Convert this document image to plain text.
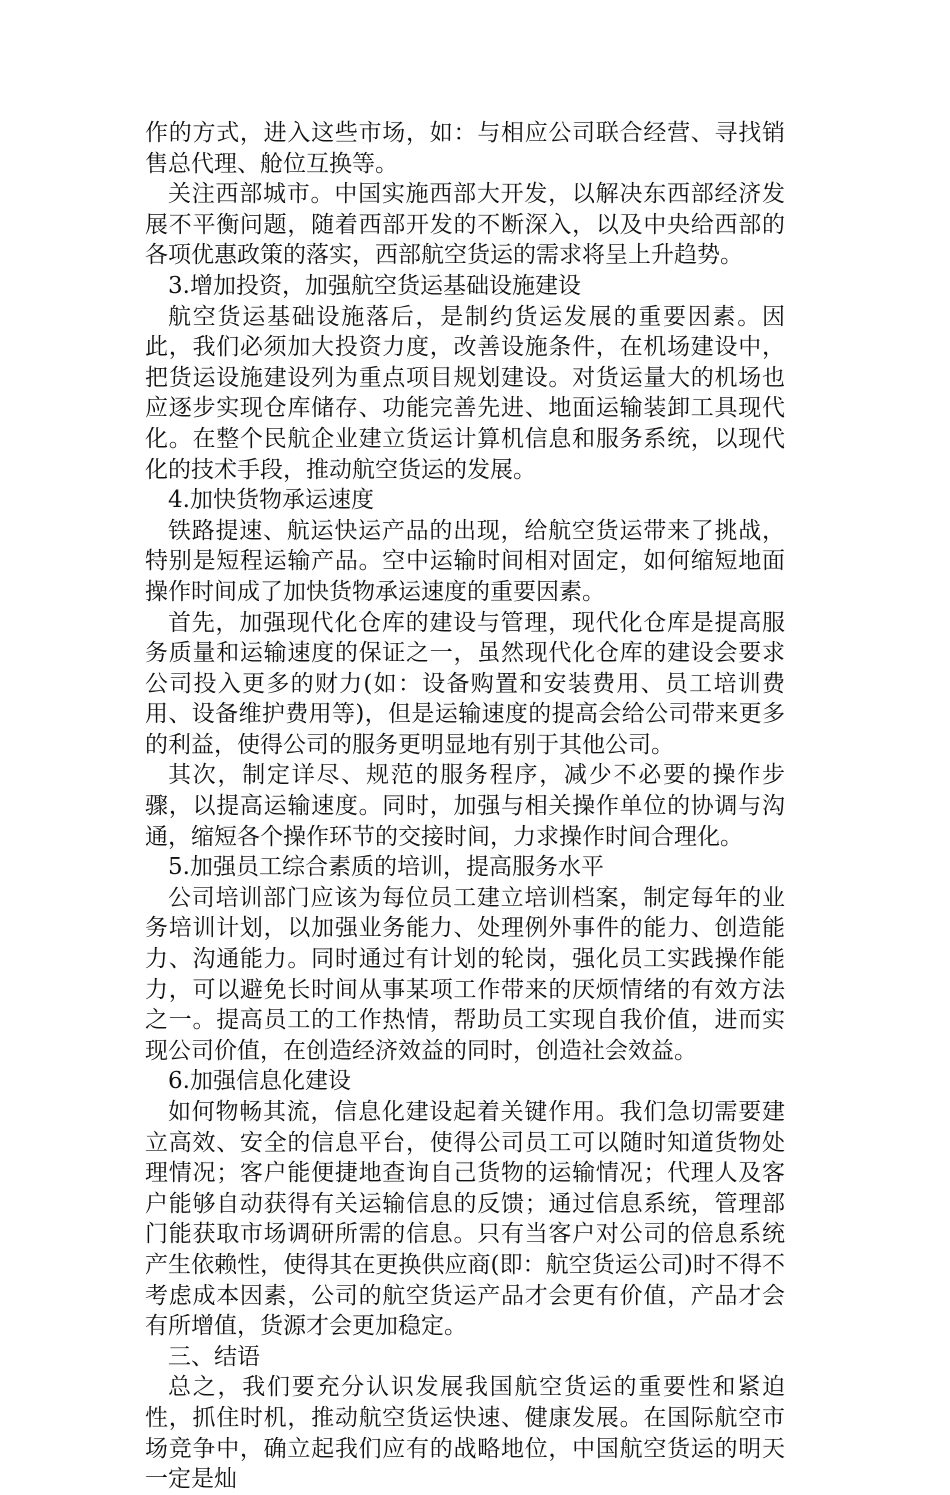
作的方式，进入这些市场，如：与相应公司联合经营、寻找销售总代理、舱位互换等。

关注西部城市。中国实施西部大开发，以解决东西部经济发展不平衡问题，随着西部开发的不断深入，以及中央给西部的各项优惠政策的落实，西部航空货运的需求将呈上升趋势。

3.增加投资，加强航空货运基础设施建设

航空货运基础设施落后，是制约货运发展的重要因素。因此，我们必须加大投资力度，改善设施条件，在机场建设中，把货运设施建设列为重点项目规划建设。对货运量大的机场也应逐步实现仓库储存、功能完善先进、地面运输装卸工具现代化。在整个民航企业建立货运计算机信息和服务系统，以现代化的技术手段，推动航空货运的发展。

4.加快货物承运速度

铁路提速、航运快运产品的出现，给航空货运带来了挑战，特别是短程运输产品。空中运输时间相对固定，如何缩短地面操作时间成了加快货物承运速度的重要因素。

首先，加强现代化仓库的建设与管理，现代化仓库是提高服务质量和运输速度的保证之一，虽然现代化仓库的建设会要求公司投入更多的财力(如：设备购置和安装费用、员工培训费用、设备维护费用等)，但是运输速度的提高会给公司带来更多的利益，使得公司的服务更明显地有别于其他公司。

其次，制定详尽、规范的服务程序，减少不必要的操作步骤，以提高运输速度。同时，加强与相关操作单位的协调与沟通，缩短各个操作环节的交接时间，力求操作时间合理化。

5.加强员工综合素质的培训，提高服务水平

公司培训部门应该为每位员工建立培训档案，制定每年的业务培训计划，以加强业务能力、处理例外事件的能力、创造能力、沟通能力。同时通过有计划的轮岗，强化员工实践操作能力，可以避免长时间从事某项工作带来的厌烦情绪的有效方法之一。提高员工的工作热情，帮助员工实现自我价值，进而实现公司价值，在创造经济效益的同时，创造社会效益。

6.加强信息化建设

如何物畅其流，信息化建设起着关键作用。我们急切需要建立高效、安全的信息平台，使得公司员工可以随时知道货物处理情况；客户能便捷地查询自己货物的运输情况；代理人及客户能够自动获得有关运输信息的反馈；通过信息系统，管理部门能获取市场调研所需的信息。只有当客户对公司的倍息系统产生依赖性，使得其在更换供应商(即：航空货运公司)时不得不考虑成本因素，公司的航空货运产品才会更有价值，产品才会有所增值，货源才会更加稳定。

三、结语

总之，我们要充分认识发展我国航空货运的重要性和紧迫性，抓住时机，推动航空货运快速、健康发展。在国际航空市场竞争中，确立起我们应有的战略地位，中国航空货运的明天一定是灿
